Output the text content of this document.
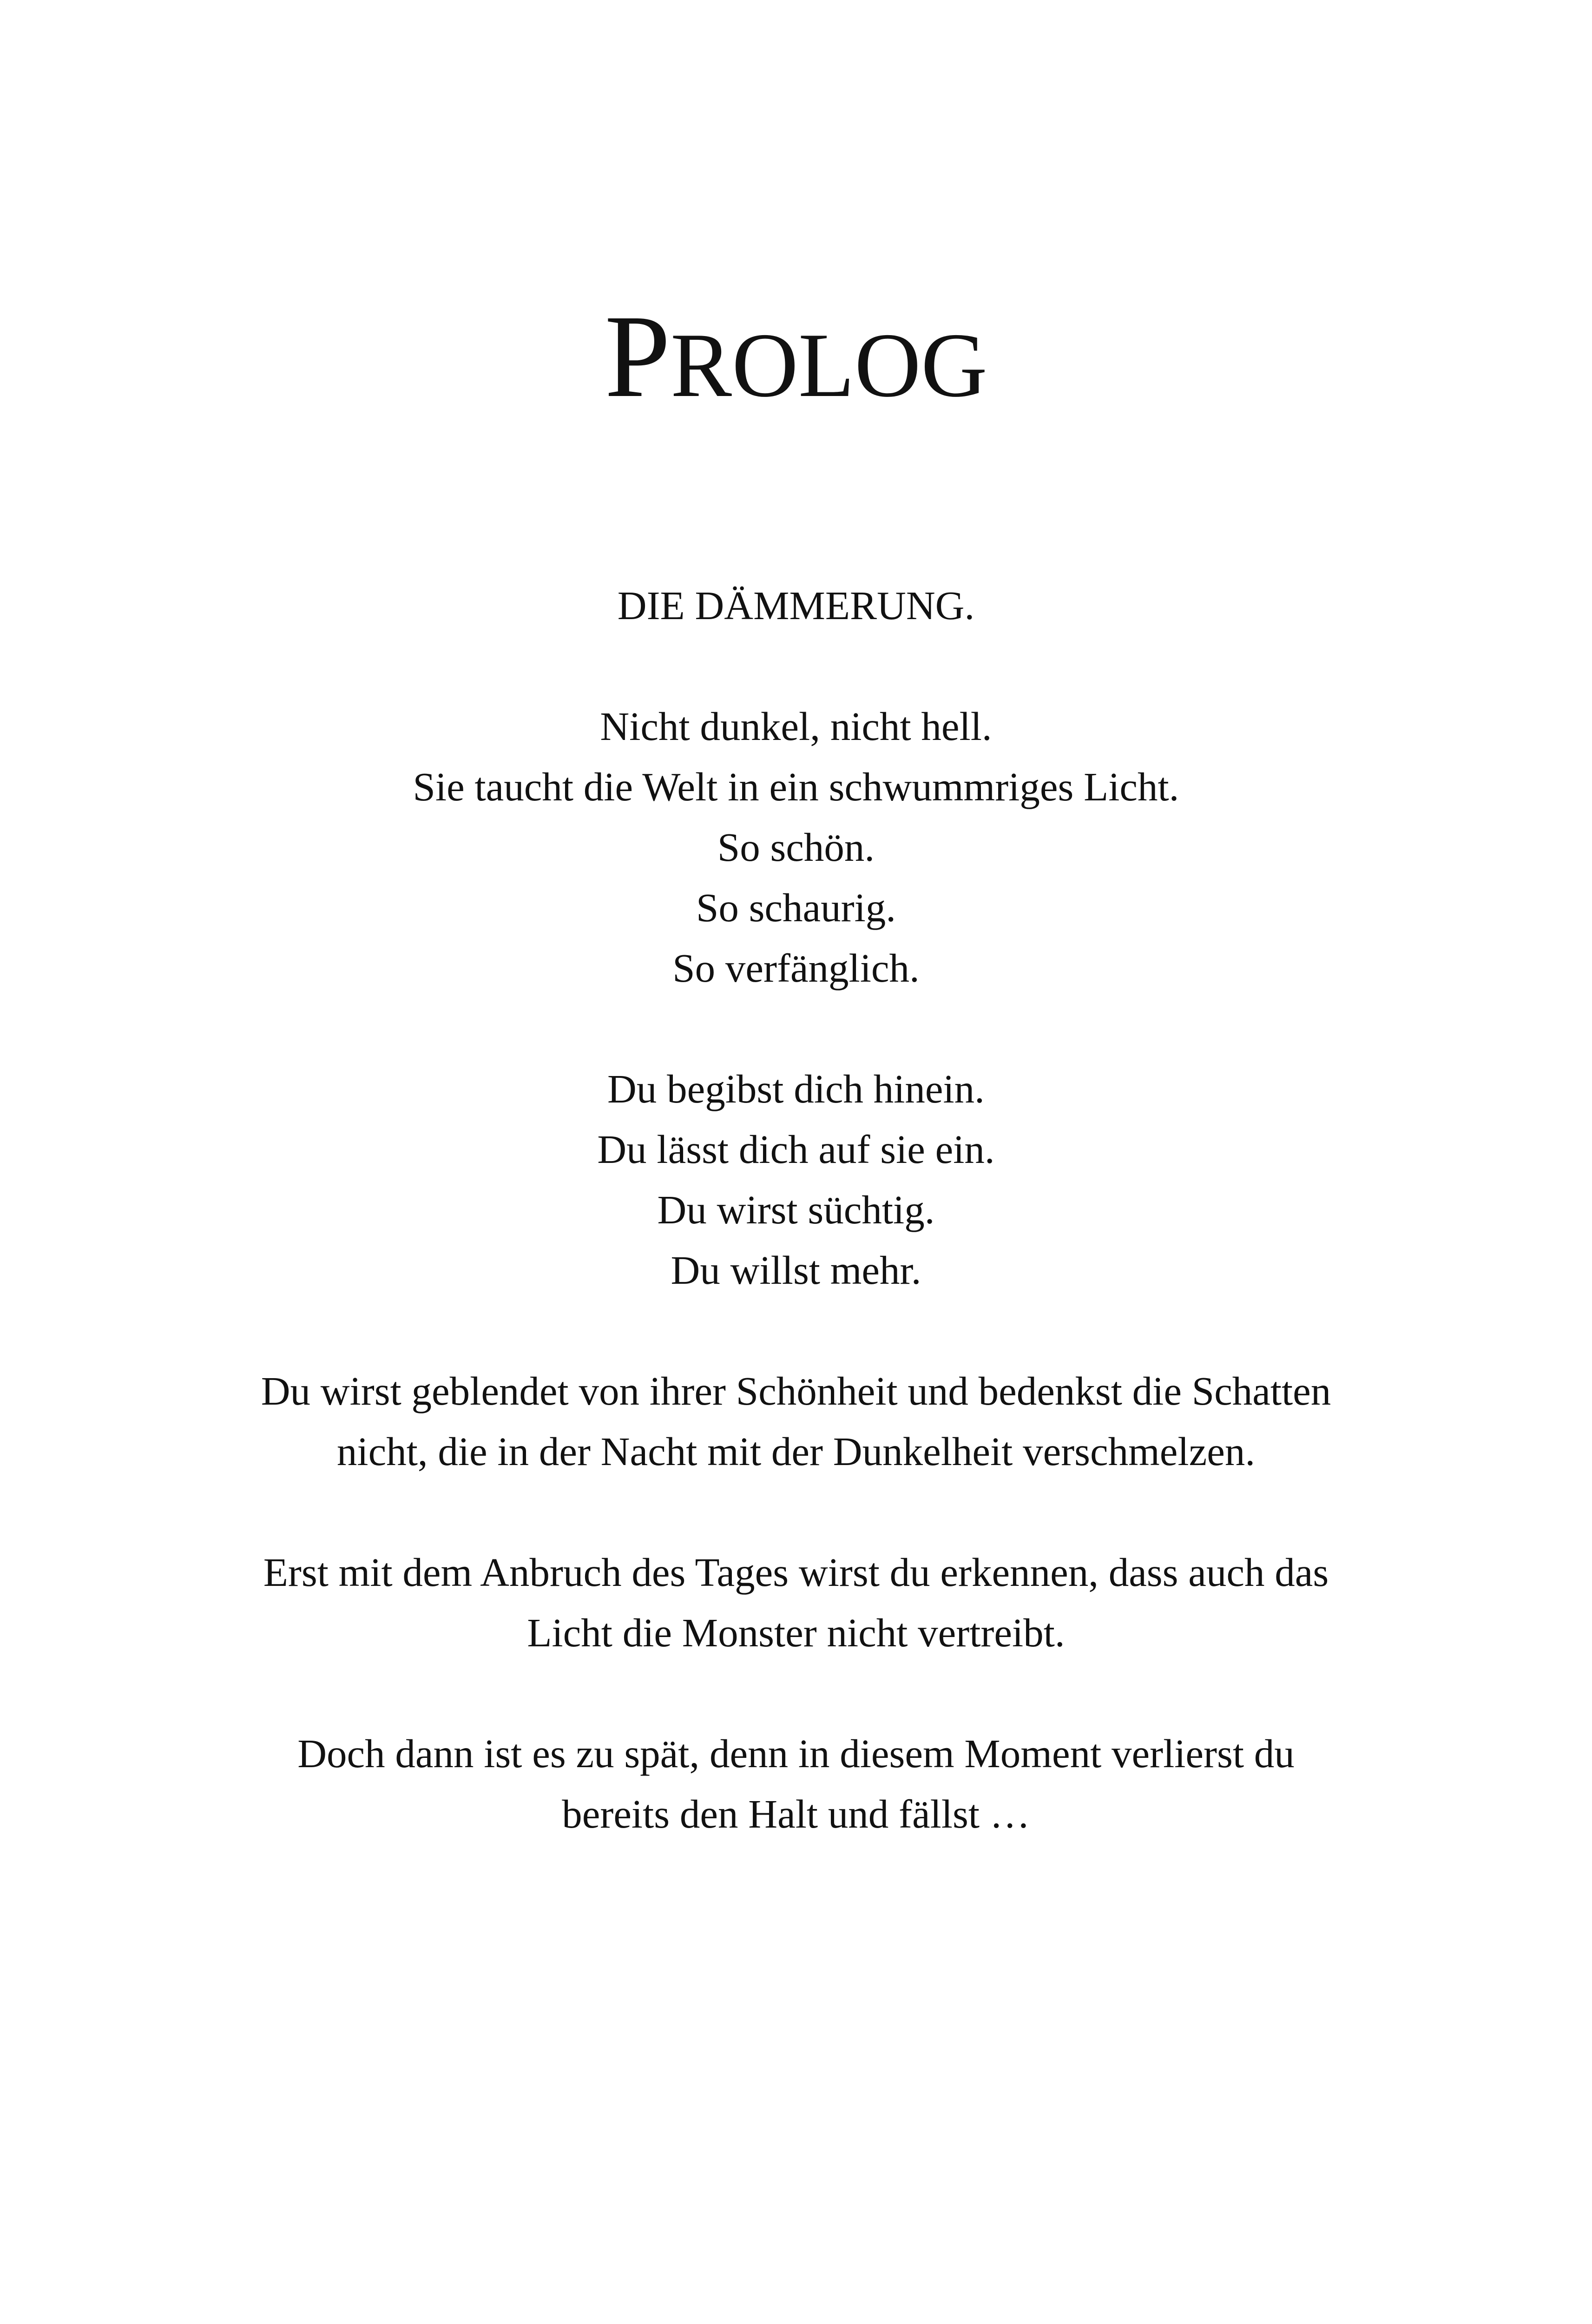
PROLOG
DIE DÄMMERUNG.
Nicht dunkel, nicht hell.
Sie taucht die Welt in ein schwummriges Licht.
So schön.
So schaurig.
So verfänglich.
Du begibst dich hinein.
Du lässt dich auf sie ein.
Du wirst süchtig.
Du willst mehr.
Du wirst geblendet von ihrer Schönheit und bedenkst die Schatten
nicht, die in der Nacht mit der Dunkelheit verschmelzen.
Erst mit dem Anbruch des Tages wirst du erkennen, dass auch das
Licht die Monster nicht vertreibt.
Doch dann ist es zu spät, denn in diesem Moment verlierst du
bereits den Halt und fällst …
